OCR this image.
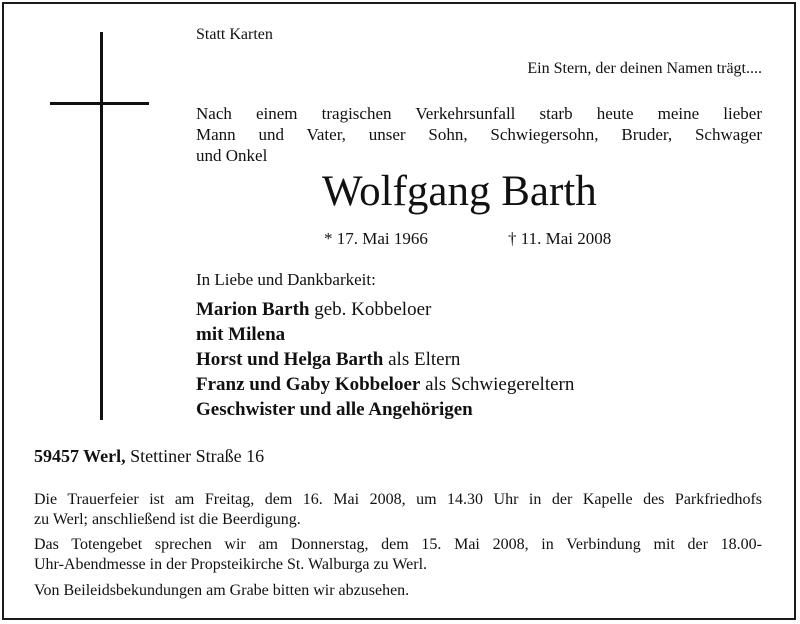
Statt Karten
Ein Stern, der deinen Namen trägt....
Nach einem tragischen Verkehrsunfall starb heute meine lieber
Mann und Vater, unser Sohn, Schwiegersohn, Bruder, Schwager
und Onkel
Wolfgang Barth
* 17. Mai 1966	† 11. Mai 2008
In Liebe und Dankbarkeit:
Marion Barth geb. Kobbeloer
mit Milena
Horst und Helga Barth als Eltern
Franz und Gaby Kobbeloer als Schwiegereltern
Geschwister und alle Angehörigen
59457 Werl, Stettiner Straße 16
Die Trauerfeier ist am Freitag, dem 16. Mai 2008, um 14.30 Uhr in der Kapelle des Parkfriedhofs
zu Werl; anschließend ist die Beerdigung.
Das Totengebet sprechen wir am Donnerstag, dem 15. Mai 2008, in Verbindung mit der 18.00-
Uhr-Abendmesse in der Propsteikirche St. Walburga zu Werl.
Von Beileidsbekundungen am Grabe bitten wir abzusehen.
